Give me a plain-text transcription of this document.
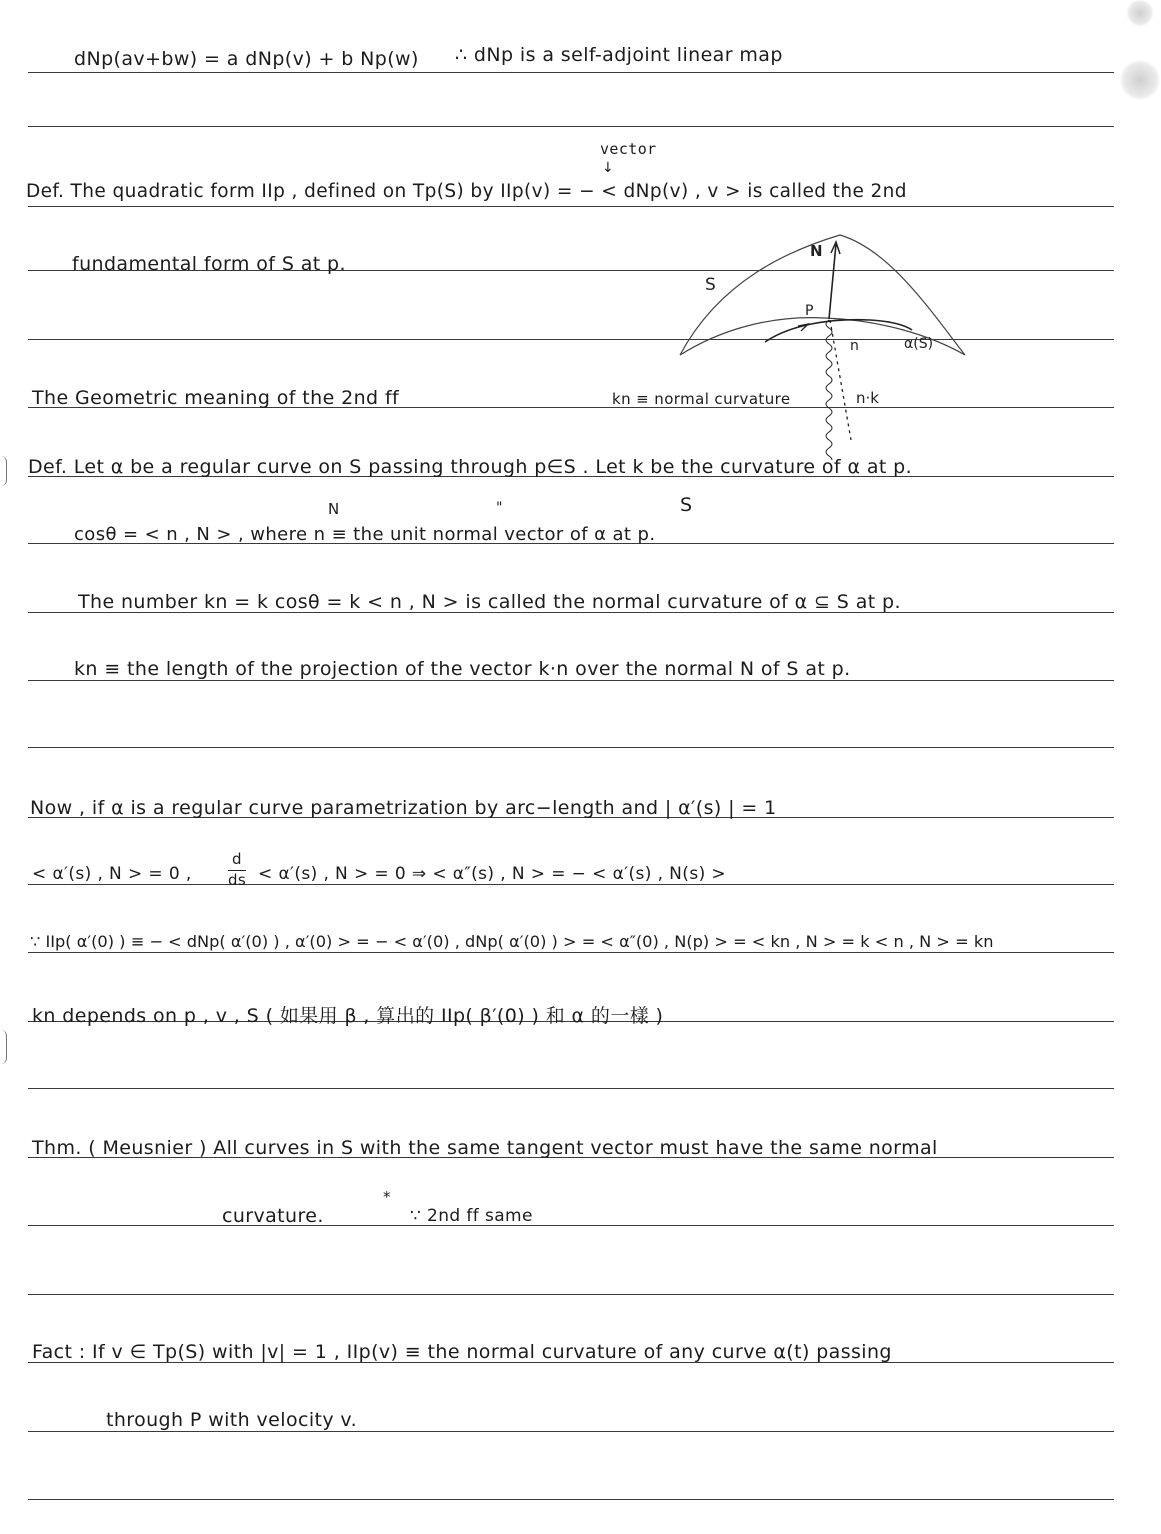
dNp(av+bw) = a dNp(v) + b Np(w) ∴ dNp is a self-adjoint linear map
vector
↓
Def. The quadratic form IIp , defined on Tp(S) by IIp(v) = − < dNp(v) , v > is called the 2nd
fundamental form of S at p.
The Geometric meaning of the 2nd ff
N
S
P
n	α(S)
n·k
kn ≡ normal curvature
Def. Let α be a regular curve on S passing through p∈S . Let k be the curvature of α at p.
N	"	S
cosθ = < n , N > , where n ≡ the unit normal vector of α at p.
The number kn = k cosθ = k < n , N > is called the normal curvature of α ⊆ S at p.
kn ≡ the length of the projection of the vector k·n over the normal N of S at p.
Now , if α is a regular curve parametrization by arc−length and | α′(s) | = 1
< α′(s) , N > = 0 ,
d
ds < α′(s) , N > = 0 ⇒ < α″(s) , N > = − < α′(s) , N(s) >
∵ IIp( α′(0) ) ≡ − < dNp( α′(0) ) , α′(0) > = − < α′(0) , dNp( α′(0) ) > = < α″(0) , N(p) > = < kn , N > = k < n , N > = kn
kn depends on p , v , S ( 如果用 β , 算出的 IIp( β′(0) ) 和 α 的一樣 )
Thm. ( Meusnier ) All curves in S with the same tangent vector must have the same normal
curvature.
*
∵ 2nd ff same
Fact : If v ∈ Tp(S) with |v| = 1 , IIp(v) ≡ the normal curvature of any curve α(t) passing
through P with velocity v.
